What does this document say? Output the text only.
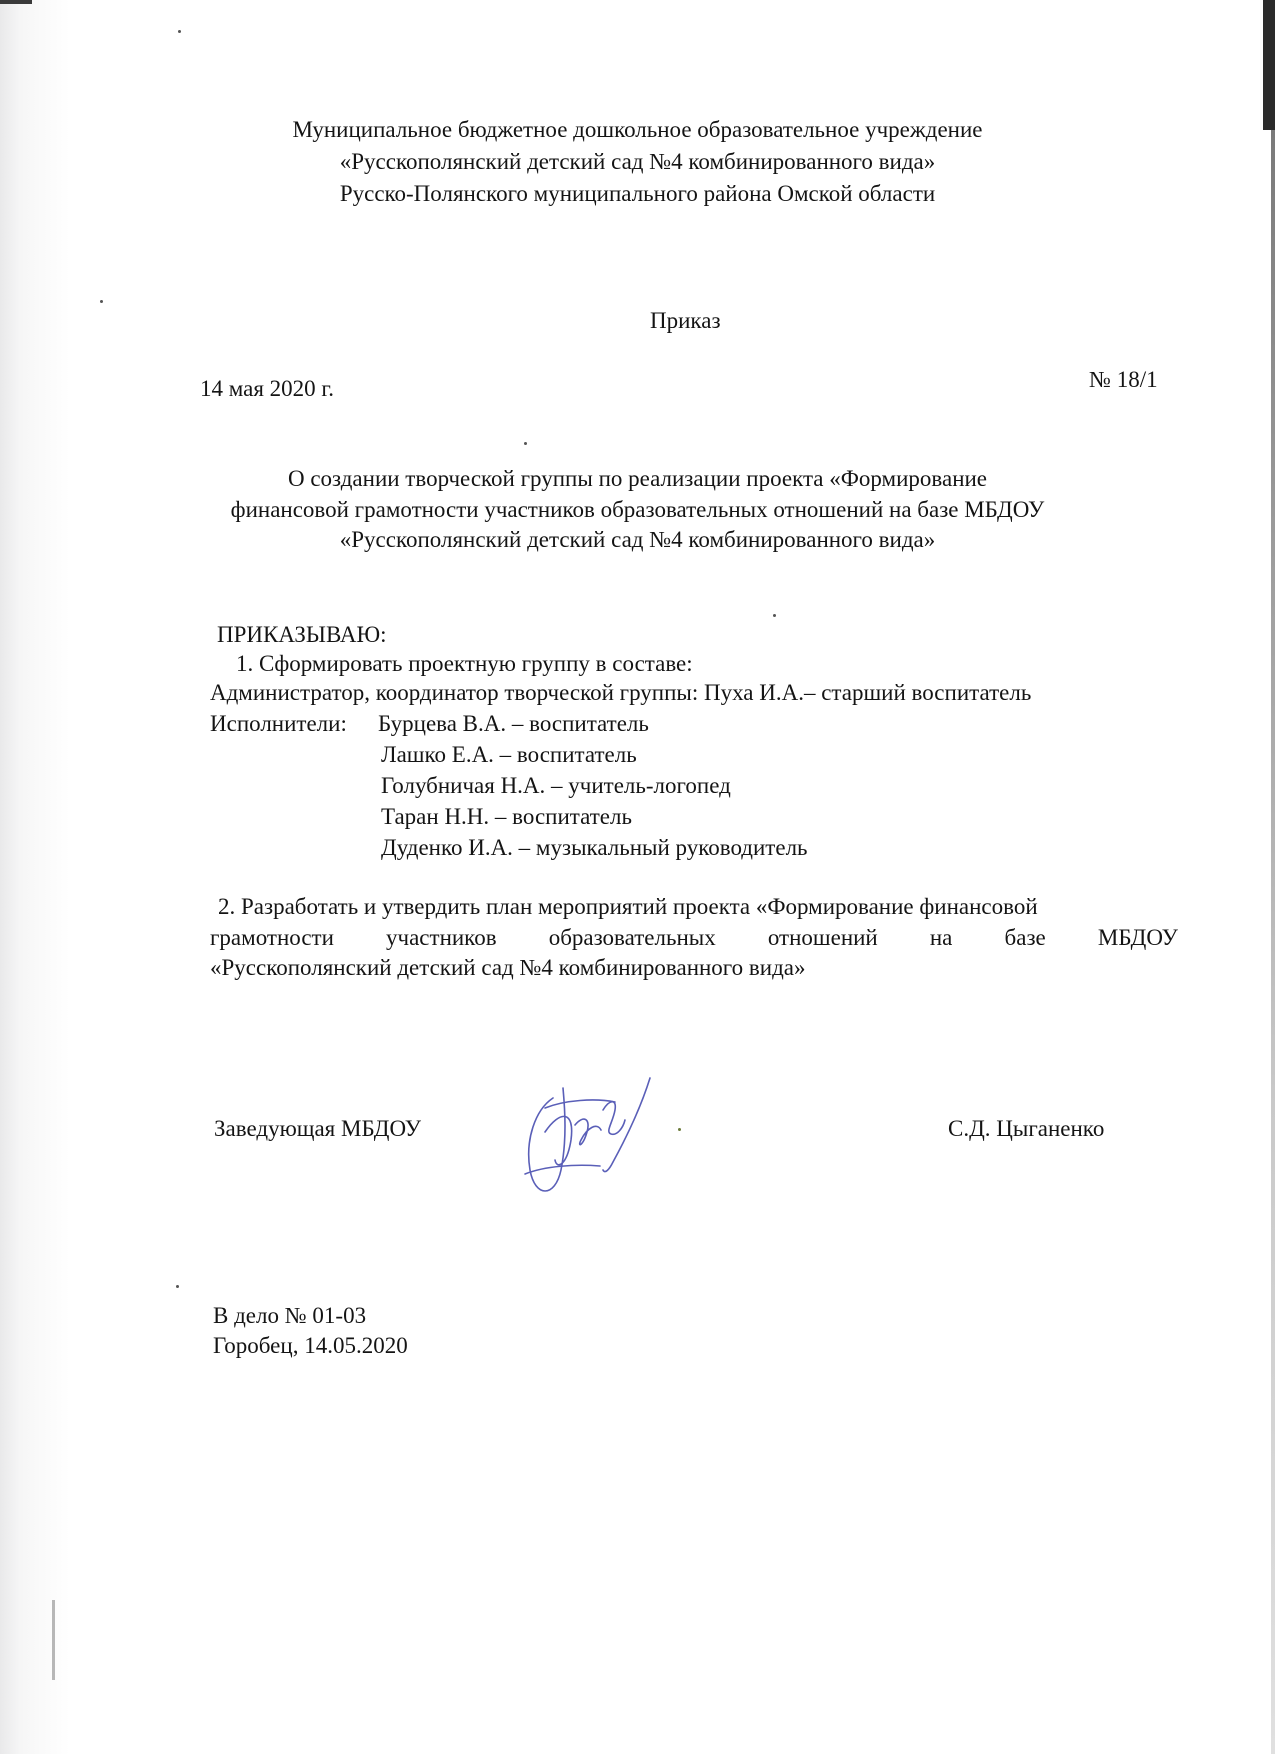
Муниципальное бюджетное дошкольное образовательное учреждение
«Русскополянский детский сад №4 комбинированного вида»
Русско-Полянского муниципального района Омской области
Приказ
14 мая 2020 г.	№ 18/1
О создании творческой группы по реализации проекта «Формирование
финансовой грамотности участников образовательных отношений на базе МБДОУ
«Русскополянский детский сад №4 комбинированного вида»
ПРИКАЗЫВАЮ:
1. Сформировать проектную группу в составе:
Администратор, координатор творческой группы: Пуха И.А.– старший воспитатель
Исполнители: Бурцева В.А. – воспитатель
Лашко Е.А. – воспитатель
Голубничая Н.А. – учитель-логопед
Таран Н.Н. – воспитатель
Дуденко И.А. – музыкальный руководитель
2. Разработать и утвердить план мероприятий проекта «Формирование финансовой
грамотности участников образовательных отношений на базе МБДОУ
«Русскополянский детский сад №4 комбинированного вида»
Заведующая МБДОУ	С.Д. Цыганенко
В дело № 01-03
Горобец, 14.05.2020
